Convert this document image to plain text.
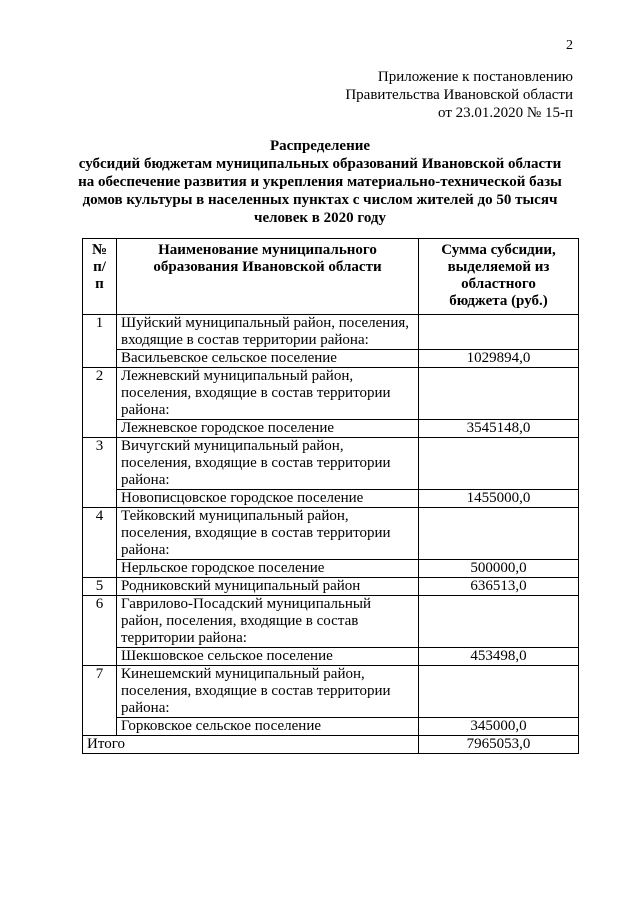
2
Приложение к постановлению
Правительства Ивановской области
от 23.01.2020 № 15-п
Распределение
субсидий бюджетам муниципальных образований Ивановской области
на обеспечение развития и укрепления материально-технической базы
домов культуры в населенных пунктах с числом жителей до 50 тысяч
человек в 2020 году
№ п/п	Наименование муниципального образования Ивановской области	Сумма субсидии, выделяемой из областного бюджета (руб.)
1	Шуйский муниципальный район, поселения, входящие в состав территории района:	
	Васильевское сельское поселение	1029894,0
2	Лежневский муниципальный район, поселения, входящие в состав территории района:	
	Лежневское городское поселение	3545148,0
3	Вичугский муниципальный район, поселения, входящие в состав территории района:	
	Новописцовское городское поселение	1455000,0
4	Тейковский муниципальный район, поселения, входящие в состав территории района:	
	Нерльское городское поселение	500000,0
5	Родниковский муниципальный район	636513,0
6	Гаврилово-Посадский муниципальный район, поселения, входящие в состав территории района:	
	Шекшовское сельское поселение	453498,0
7	Кинешемский муниципальный район, поселения, входящие в состав территории района:	
	Горковское сельское поселение	345000,0
Итого		7965053,0
